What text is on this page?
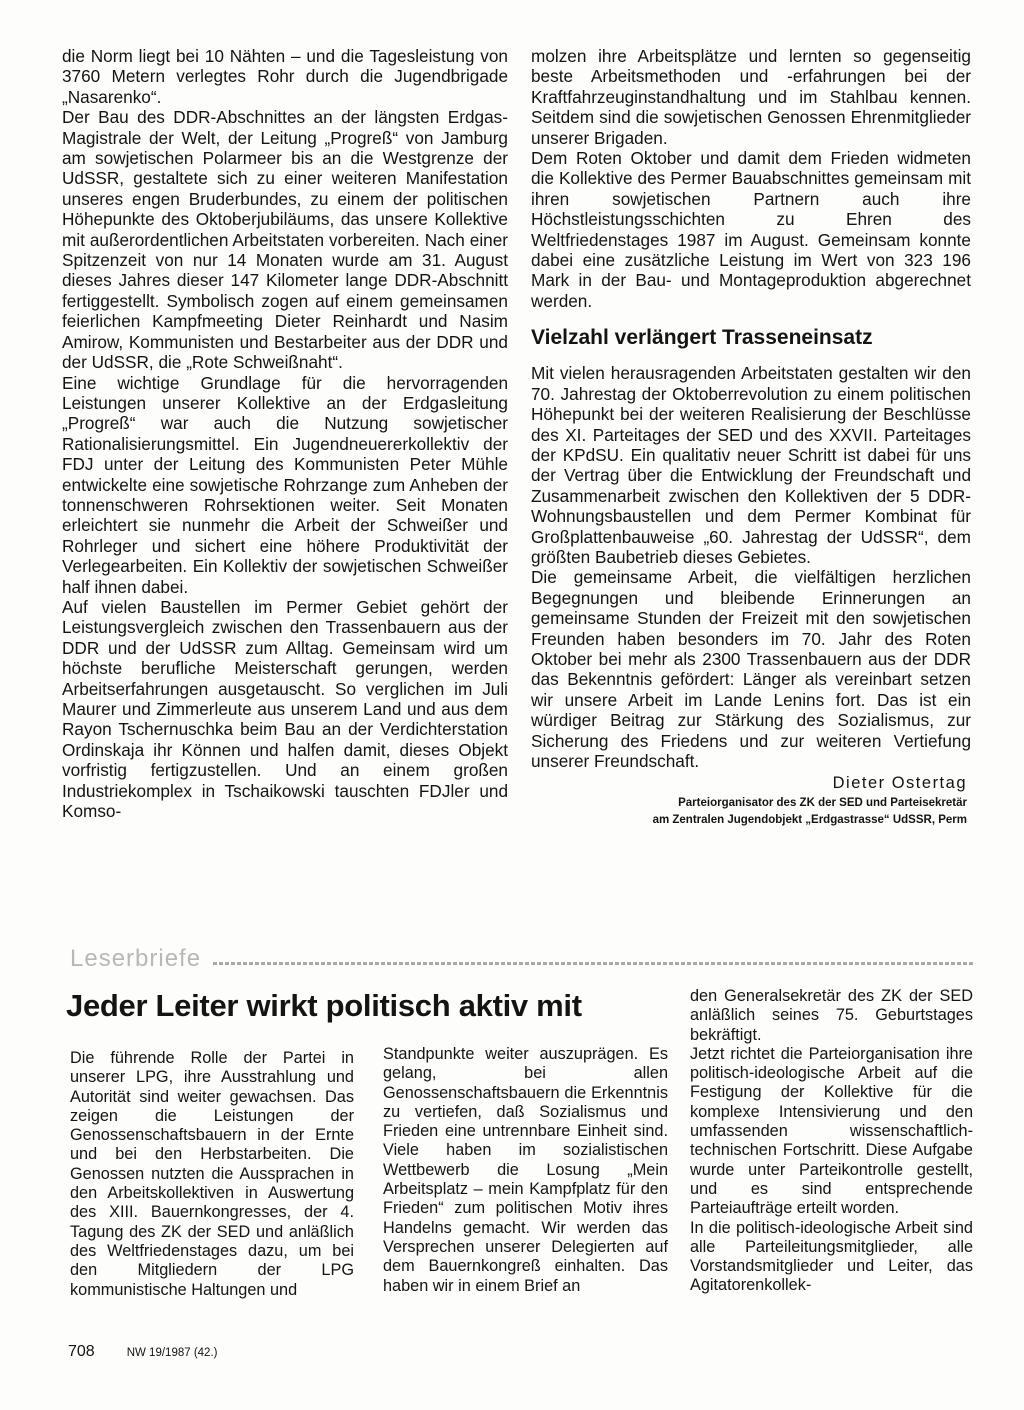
die Norm liegt bei 10 Nähten – und die Tagesleistung von 3760 Metern verlegtes Rohr durch die Jugendbrigade „Nasarenko“.

Der Bau des DDR-Abschnittes an der längsten Erdgas-Magistrale der Welt, der Leitung „Progreß“ von Jamburg am sowjetischen Polarmeer bis an die Westgrenze der UdSSR, gestaltete sich zu einer weiteren Manifestation unseres engen Bruderbundes, zu einem der politischen Höhepunkte des Oktoberjubiläums, das unsere Kollektive mit außerordentlichen Arbeitstaten vorbereiten. Nach einer Spitzenzeit von nur 14 Monaten wurde am 31. August dieses Jahres dieser 147 Kilometer lange DDR-Abschnitt fertiggestellt. Symbolisch zogen auf einem gemeinsamen feierlichen Kampfmeeting Dieter Reinhardt und Nasim Amirow, Kommunisten und Bestarbeiter aus der DDR und der UdSSR, die „Rote Schweißnaht“.

Eine wichtige Grundlage für die hervorragenden Leistungen unserer Kollektive an der Erdgasleitung „Progreß“ war auch die Nutzung sowjetischer Rationalisierungsmittel. Ein Jugendneuererkollektiv der FDJ unter der Leitung des Kommunisten Peter Mühle entwickelte eine sowjetische Rohrzange zum Anheben der tonnenschweren Rohrsektionen weiter. Seit Monaten erleichtert sie nunmehr die Arbeit der Schweißer und Rohrleger und sichert eine höhere Produktivität der Verlegearbeiten. Ein Kollektiv der sowjetischen Schweißer half ihnen dabei.

Auf vielen Baustellen im Permer Gebiet gehört der Leistungsvergleich zwischen den Trassenbauern aus der DDR und der UdSSR zum Alltag. Gemeinsam wird um höchste berufliche Meisterschaft gerungen, werden Arbeitserfahrungen ausgetauscht. So verglichen im Juli Maurer und Zimmerleute aus unserem Land und aus dem Rayon Tschernuschka beim Bau an der Verdichterstation Ordinskaja ihr Können und halfen damit, dieses Objekt vorfristig fertigzustellen. Und an einem großen Industriekomplex in Tschaikowski tauschten FDJler und Komso-

molzen ihre Arbeitsplätze und lernten so gegenseitig beste Arbeitsmethoden und -erfahrungen bei der Kraftfahrzeuginstandhaltung und im Stahlbau kennen. Seitdem sind die sowjetischen Genossen Ehrenmitglieder unserer Brigaden.

Dem Roten Oktober und damit dem Frieden widmeten die Kollektive des Permer Bauabschnittes gemeinsam mit ihren sowjetischen Partnern auch ihre Höchstleistungsschichten zu Ehren des Weltfriedenstages 1987 im August. Gemeinsam konnte dabei eine zusätzliche Leistung im Wert von 323 196 Mark in der Bau- und Montageproduktion abgerechnet werden.

Vielzahl verlängert Trasseneinsatz

Mit vielen herausragenden Arbeitstaten gestalten wir den 70. Jahrestag der Oktoberrevolution zu einem politischen Höhepunkt bei der weiteren Realisierung der Beschlüsse des XI. Parteitages der SED und des XXVII. Parteitages der KPdSU. Ein qualitativ neuer Schritt ist dabei für uns der Vertrag über die Entwicklung der Freundschaft und Zusammenarbeit zwischen den Kollektiven der 5 DDR-Wohnungsbaustellen und dem Permer Kombinat für Großplattenbauweise „60. Jahrestag der UdSSR“, dem größten Baubetrieb dieses Gebietes.

Die gemeinsame Arbeit, die vielfältigen herzlichen Begegnungen und bleibende Erinnerungen an gemeinsame Stunden der Freizeit mit den sowjetischen Freunden haben besonders im 70. Jahr des Roten Oktober bei mehr als 2300 Trassenbauern aus der DDR das Bekenntnis gefördert: Länger als vereinbart setzen wir unsere Arbeit im Lande Lenins fort. Das ist ein würdiger Beitrag zur Stärkung des Sozialismus, zur Sicherung des Friedens und zur weiteren Vertiefung unserer Freundschaft.

Dieter Ostertag
Parteiorganisator des ZK der SED und Parteisekretär
am Zentralen Jugendobjekt „Erdgastrasse“ UdSSR, Perm
Leserbriefe
Jeder Leiter wirkt politisch aktiv mit

Die führende Rolle der Partei in unserer LPG, ihre Ausstrahlung und Autorität sind weiter gewachsen. Das zeigen die Leistungen der Genossenschaftsbauern in der Ernte und bei den Herbstarbeiten. Die Genossen nutzten die Aussprachen in den Arbeitskollektiven in Auswertung des XIII. Bauernkongresses, der 4. Tagung des ZK der SED und anläßlich des Weltfriedenstages dazu, um bei den Mitgliedern der LPG kommunistische Haltungen und

Standpunkte weiter auszuprägen. Es gelang, bei allen Genossenschaftsbauern die Erkenntnis zu vertiefen, daß Sozialismus und Frieden eine untrennbare Einheit sind. Viele haben im sozialistischen Wettbewerb die Losung „Mein Arbeitsplatz – mein Kampfplatz für den Frieden“ zum politischen Motiv ihres Handelns gemacht. Wir werden das Versprechen unserer Delegierten auf dem Bauernkongreß einhalten. Das haben wir in einem Brief an

den Generalsekretär des ZK der SED anläßlich seines 75. Geburtstages bekräftigt.

Jetzt richtet die Parteiorganisation ihre politisch-ideologische Arbeit auf die Festigung der Kollektive für die komplexe Intensivierung und den umfassenden wissenschaftlich-technischen Fortschritt. Diese Aufgabe wurde unter Parteikontrolle gestellt, und es sind entsprechende Parteiaufträge erteilt worden.

In die politisch-ideologische Arbeit sind alle Parteileitungsmitglieder, alle Vorstandsmitglieder und Leiter, das Agitatorenkollek-

708	NW 19/1987 (42.)
